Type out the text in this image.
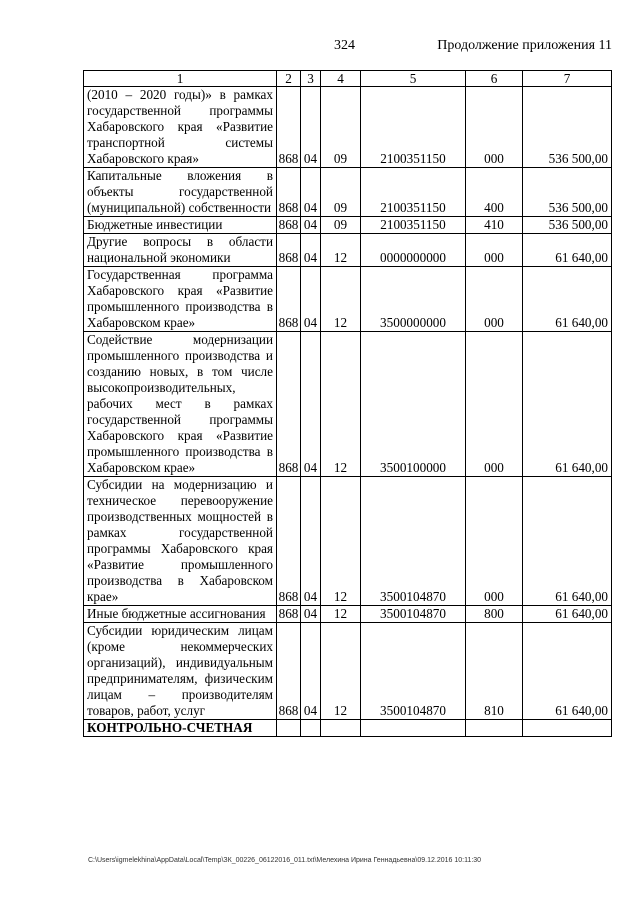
324	Продолжение приложения 11
1	2	3	4	5	6	7
(2010 – 2020 годы)» в рамках государственной программы Хабаровского края «Развитие транспортной системы Хабаровского края»	868	04	09	2100351150	000	536 500,00
Капитальные вложения в объекты государственной (муниципальной) собственности	868	04	09	2100351150	400	536 500,00
Бюджетные инвестиции	868	04	09	2100351150	410	536 500,00
Другие вопросы в области национальной экономики	868	04	12	0000000000	000	61 640,00
Государственная программа Хабаровского края «Развитие промышленного производства в Хабаровском крае»	868	04	12	3500000000	000	61 640,00
Содействие модернизации промышленного производства и созданию новых, в том числе высокопроизводительных, рабочих мест в рамках государственной программы Хабаровского края «Развитие промышленного производства в Хабаровском крае»	868	04	12	3500100000	000	61 640,00
Субсидии на модернизацию и техническое перевооружение производственных мощностей в рамках государственной программы Хабаровского края «Развитие промышленного производства в Хабаровском крае»	868	04	12	3500104870	000	61 640,00
Иные бюджетные ассигнования	868	04	12	3500104870	800	61 640,00
Субсидии юридическим лицам (кроме некоммерческих организаций), индивидуальным предпринимателям, физическим лицам – производителям товаров, работ, услуг	868	04	12	3500104870	810	61 640,00
КОНТРОЛЬНО-СЧЕТНАЯ						
C:\Users\igmelekhina\AppData\Local\Temp\ЗК_00226_06122016_011.txt\Мелехина Ирина Геннадьевна\09.12.2016 10:11:30
